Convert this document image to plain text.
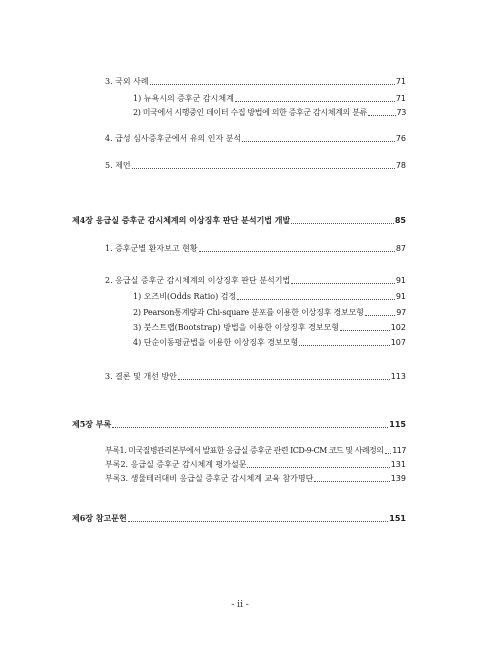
3. 국외 사례	71
1) 뉴욕시의 증후군 감시체계	71
2) 미국에서 시행중인 데이터 수집 방법에 의한 증후군 감시체계의 분류	73
4. 급성 심사증후군에서 유의 인자 분석	76
5. 제언	78
제4장 응급실 증후군 감시체계의 이상징후 판단 분석기법 개발	85
1. 증후군별 환자보고 현황	87
2. 응급실 증후군 감시체계의 이상징후 판단 분석기법	91
1) 오즈비(Odds Ratio) 검정	91
2) Pearson통계량과 Chi-square 분포를 이용한 이상징후 경보모형	97
3) 붓스트랩(Bootstrap) 방법을 이용한 이상징후 경보모형	102
4) 단순이동평균법을 이용한 이상징후 경보모형	107
3. 결론 및 개선 방안	113
제5장 부록	115
부록1. 미국질병관리본부에서 발표한 응급실 증후군 관련 ICD-9-CM 코드 및 사례정의 117
부록2. 응급실 증후군 감시체계 평가설문	131
부록3. 생물테러대비 응급실 증후군 감시체계 교육 참가명단	139
제6장 참고문헌	151
- ii -
